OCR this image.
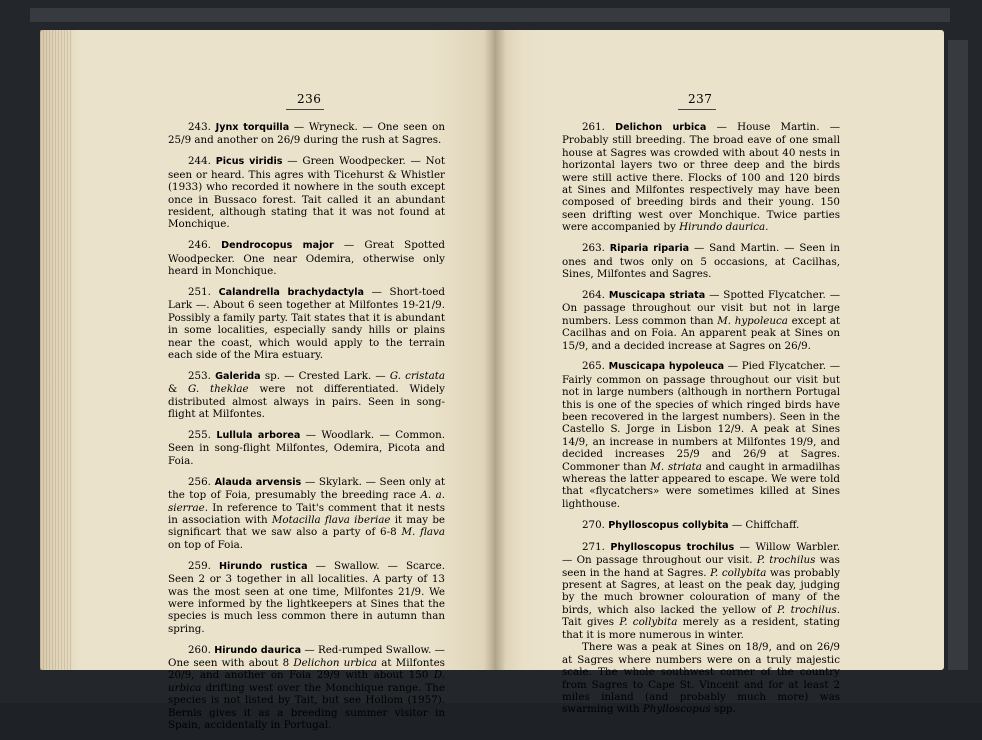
236

243. Jynx torquilla — Wryneck. — One seen on 25/9 and another on 26/9 during the rush at Sagres.

244. Picus viridis — Green Woodpecker. — Not seen or heard. This agres with Ticehurst & Whistler (1933) who recorded it nowhere in the south except once in Bussaco forest. Tait called it an abundant resident, although stating that it was not found at Monchique.

246. Dendrocopus major — Great Spotted Woodpecker. One near Odemira, otherwise only heard in Monchique.

251. Calandrella brachydactyla — Short-toed Lark —. About 6 seen together at Milfontes 19-21/9. Possibly a family party. Tait states that it is abundant in some localities, especially sandy hills or plains near the coast, which would apply to the terrain each side of the Mira estuary.

253. Galerida sp. — Crested Lark. — G. cristata & G. theklae were not differentiated. Widely distributed almost always in pairs. Seen in song-flight at Milfontes.

255. Lullula arborea — Woodlark. — Common. Seen in song-flight Milfontes, Odemira, Picota and Foia.

256. Alauda arvensis — Skylark. — Seen only at the top of Foia, presumably the breeding race A. a. sierrae. In reference to Tait's comment that it nests in association with Motacilla flava iberiae it may be significart that we saw also a party of 6-8 M. flava on top of Foia.

259. Hirundo rustica — Swallow. — Scarce. Seen 2 or 3 together in all localities. A party of 13 was the most seen at one time, Milfontes 21/9. We were informed by the lightkeepers at Sines that the species is much less common there in autumn than spring.

260. Hirundo daurica — Red-rumped Swallow. — One seen with about 8 Delichon urbica at Milfontes 20/9, and another on Foia 29/9 with about 150 D. urbica drifting west over the Monchique range. The species is not listed by Tait, but see Hollom (1957). Bernis gives it as a breeding summer visitor in Spain, accidentally in Portugal.

237

261. Delichon urbica — House Martin. — Probably still breeding. The broad eave of one small house at Sagres was crowded with about 40 nests in horizontal layers two or three deep and the birds were still active there. Flocks of 100 and 120 birds at Sines and Milfontes respectively may have been composed of breeding birds and their young. 150 seen drifting west over Monchique. Twice parties were accompanied by Hirundo daurica.

263. Riparia riparia — Sand Martin. — Seen in ones and twos only on 5 occasions, at Cacilhas, Sines, Milfontes and Sagres.

264. Muscicapa striata — Spotted Flycatcher. — On passage throughout our visit but not in large numbers. Less common than M. hypoleuca except at Cacilhas and on Foia. An apparent peak at Sines on 15/9, and a decided increase at Sagres on 26/9.

265. Muscicapa hypoleuca — Pied Flycatcher. — Fairly common on passage throughout our visit but not in large numbers (although in northern Portugal this is one of the species of which ringed birds have been recovered in the largest numbers). Seen in the Castello S. Jorge in Lisbon 12/9. A peak at Sines 14/9, an increase in numbers at Milfontes 19/9, and decided increases 25/9 and 26/9 at Sagres. Commoner than M. striata and caught in armadilhas whereas the latter appeared to escape. We were told that «flycatchers» were sometimes killed at Sines lighthouse.

270. Phylloscopus collybita — Chiffchaff.

271. Phylloscopus trochilus — Willow Warbler. — On passage throughout our visit. P. trochilus was seen in the hand at Sagres. P. collybita was probably present at Sagres, at least on the peak day, judging by the much browner colouration of many of the birds, which also lacked the yellow of P. trochilus. Tait gives P. collybita merely as a resident, stating that it is more numerous in winter.

There was a peak at Sines on 18/9, and on 26/9 at Sagres where numbers were on a truly majestic scale. The whole southwest corner of the country from Sagres to Cape St. Vincent and for at least 2 miles inland (and probably much more) was swarming with Phylloscopus spp.
